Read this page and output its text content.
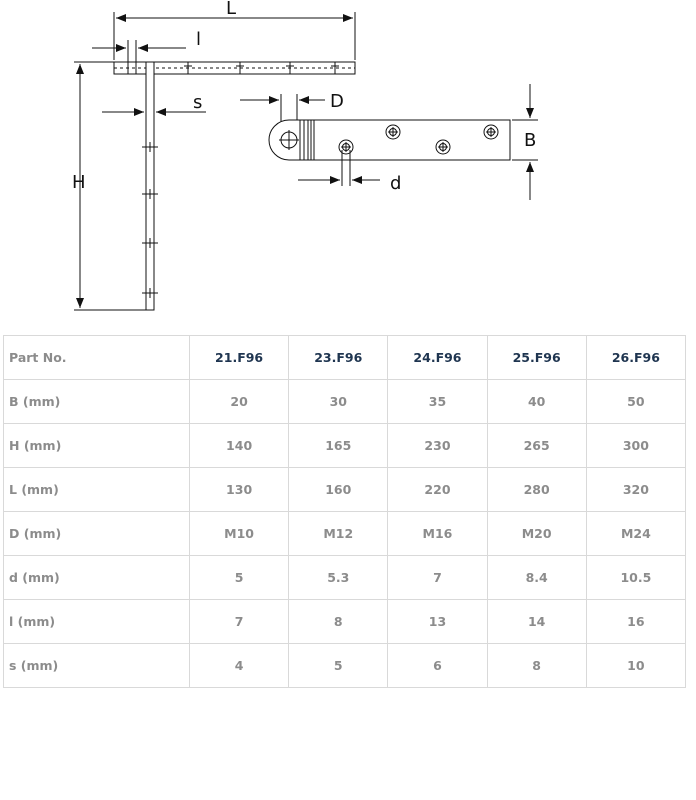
L
l
H
s	D
B
d
Part No.	21.F96	23.F96	24.F96	25.F96	26.F96
B (mm)	20	30	35	40	50
H (mm)	140	165	230	265	300
L (mm)	130	160	220	280	320
D (mm)	M10	M12	M16	M20	M24
d (mm)	5	5.3	7	8.4	10.5
l (mm)	7	8	13	14	16
s (mm)	4	5	6	8	10
